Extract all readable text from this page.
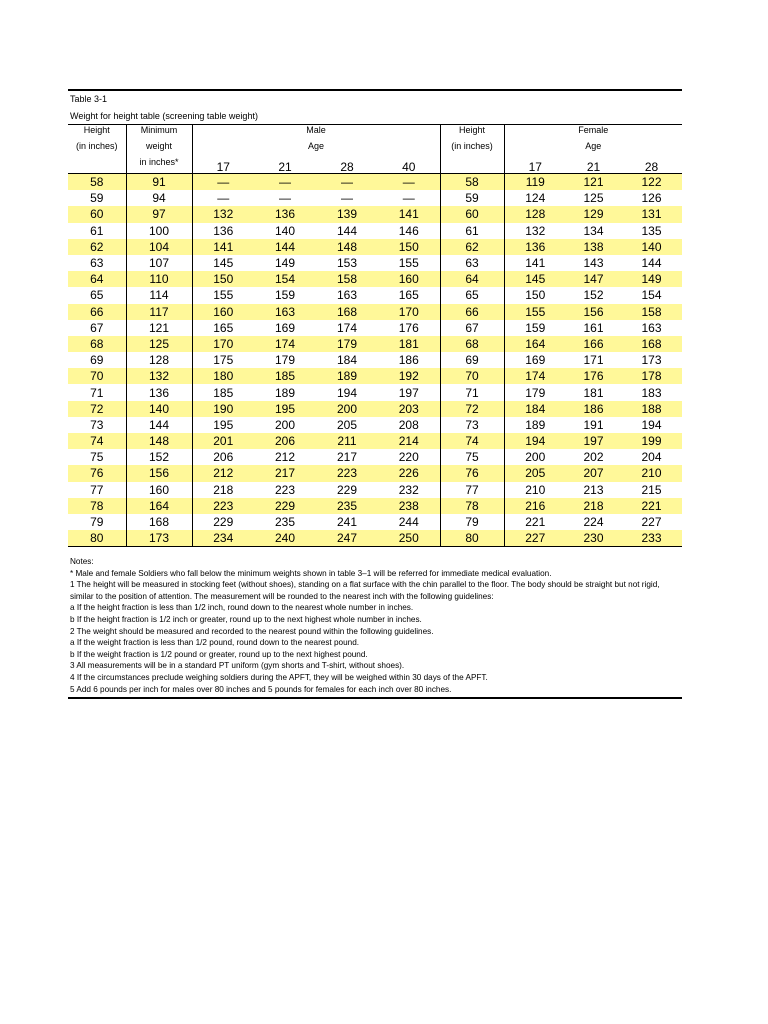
Table 3-1
Weight for height table (screening table weight)
Height	Minimum	Male				Height	Female		
(in inches)	weight	Age				(in inches)	Age		
	in inches*	17	21	28	40		17	21	28
58	91	—	—	—	—	58	119	121	122
59	94	—	—	—	—	59	124	125	126
60	97	132	136	139	141	60	128	129	131
61	100	136	140	144	146	61	132	134	135
62	104	141	144	148	150	62	136	138	140
63	107	145	149	153	155	63	141	143	144
64	110	150	154	158	160	64	145	147	149
65	114	155	159	163	165	65	150	152	154
66	117	160	163	168	170	66	155	156	158
67	121	165	169	174	176	67	159	161	163
68	125	170	174	179	181	68	164	166	168
69	128	175	179	184	186	69	169	171	173
70	132	180	185	189	192	70	174	176	178
71	136	185	189	194	197	71	179	181	183
72	140	190	195	200	203	72	184	186	188
73	144	195	200	205	208	73	189	191	194
74	148	201	206	211	214	74	194	197	199
75	152	206	212	217	220	75	200	202	204
76	156	212	217	223	226	76	205	207	210
77	160	218	223	229	232	77	210	213	215
78	164	223	229	235	238	78	216	218	221
79	168	229	235	241	244	79	221	224	227
80	173	234	240	247	250	80	227	230	233

Notes:

* Male and female Soldiers who fall below the minimum weights shown in table 3–1 will be referred for immediate medical evaluation.

1 The height will be measured in stocking feet (without shoes), standing on a flat surface with the chin parallel to the floor. The body should be straight but not rigid, similar to the position of attention. The measurement will be rounded to the nearest inch with the following guidelines:

a If the height fraction is less than 1/2 inch, round down to the nearest whole number in inches.

b If the height fraction is 1/2 inch or greater, round up to the next highest whole number in inches.

2 The weight should be measured and recorded to the nearest pound within the following guidelines.

a If the weight fraction is less than 1/2 pound, round down to the nearest pound.

b If the weight fraction is 1/2 pound or greater, round up to the next highest pound.

3 All measurements will be in a standard PT uniform (gym shorts and T-shirt, without shoes).

4 If the circumstances preclude weighing soldiers during the APFT, they will be weighed within 30 days of the APFT.

5 Add 6 pounds per inch for males over 80 inches and 5 pounds for females for each inch over 80 inches.
